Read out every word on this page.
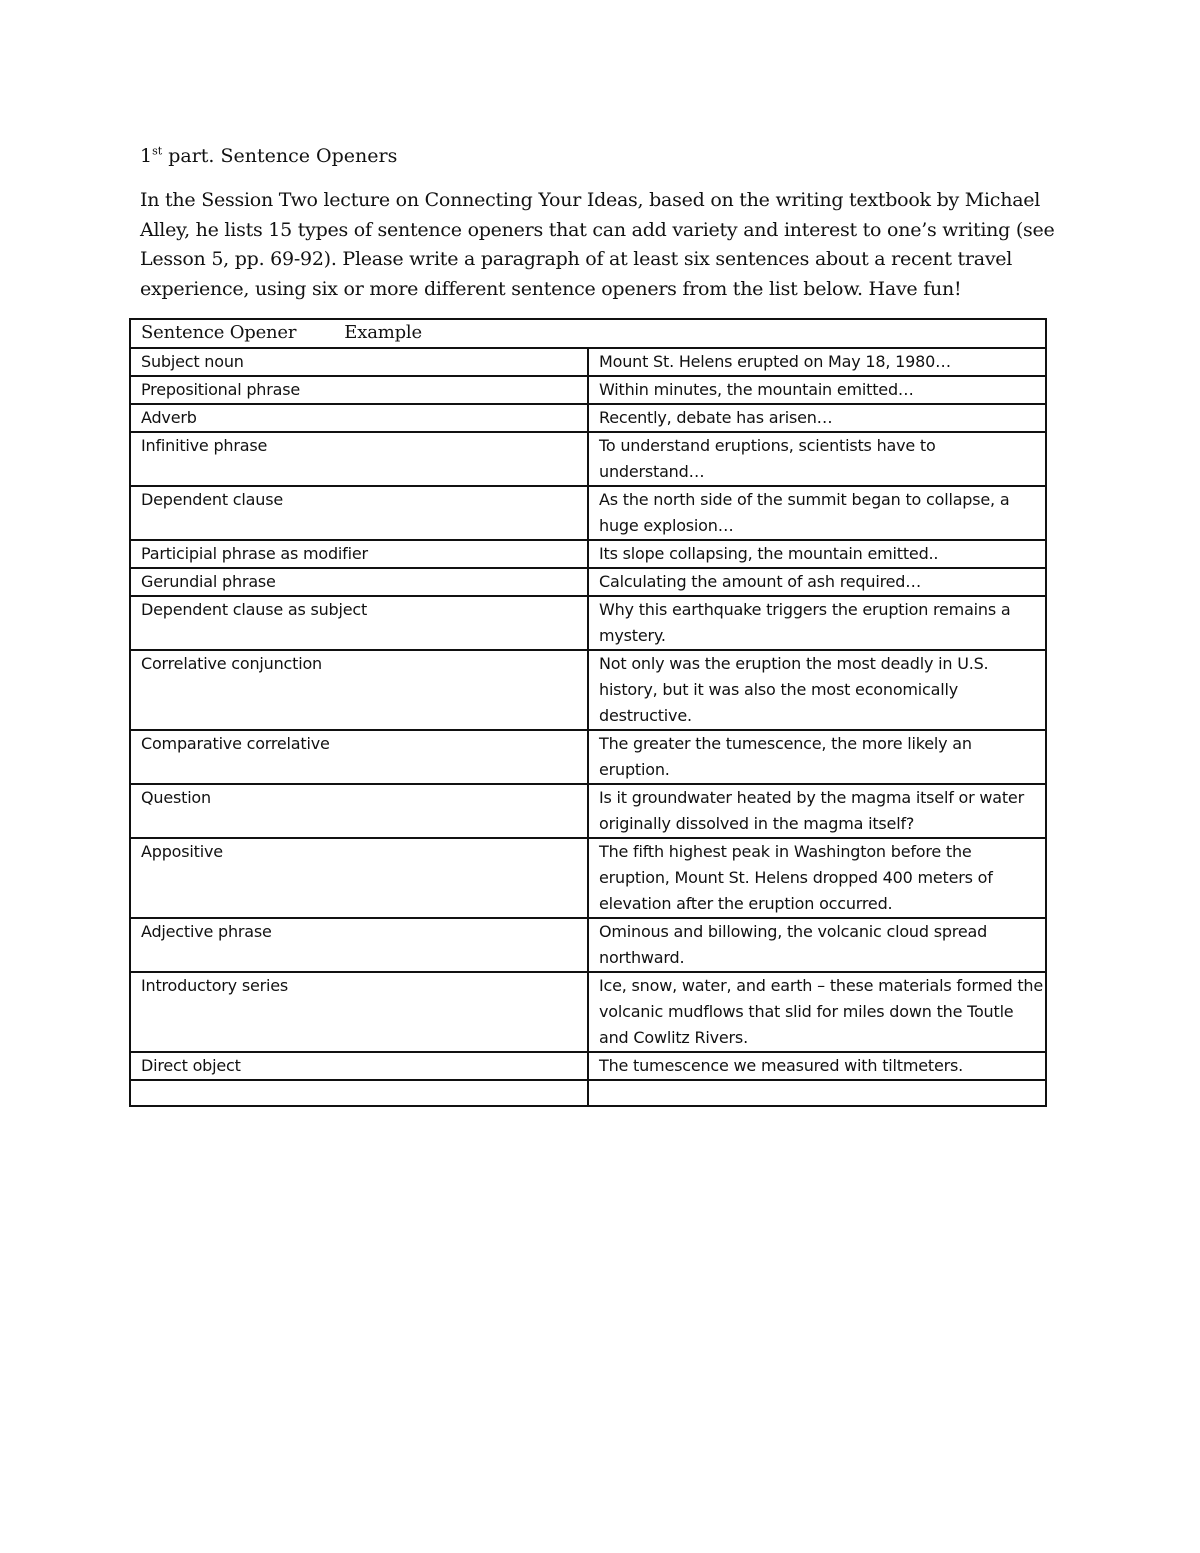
1st part. Sentence Openers

In the Session Two lecture on Connecting Your Ideas, based on the writing textbook by Michael Alley, he lists 15 types of sentence openers that can add variety and interest to one’s writing (see Lesson 5, pp. 69-92). Please write a paragraph of at least six sentences about a recent travel experience, using six or more different sentence openers from the list below. Have fun!

Sentence Opener Example	
Subject noun	Mount St. Helens erupted on May 18, 1980…
Prepositional phrase	Within minutes, the mountain emitted…
Adverb	Recently, debate has arisen…
Infinitive phrase	To understand eruptions, scientists have to understand…
Dependent clause	As the north side of the summit began to collapse, a huge explosion…
Participial phrase as modifier	Its slope collapsing, the mountain emitted..
Gerundial phrase	Calculating the amount of ash required…
Dependent clause as subject	Why this earthquake triggers the eruption remains a mystery.
Correlative conjunction	Not only was the eruption the most deadly in U.S. history, but it was also the most economically destructive.
Comparative correlative	The greater the tumescence, the more likely an eruption.
Question	Is it groundwater heated by the magma itself or water originally dissolved in the magma itself?
Appositive	The fifth highest peak in Washington before the eruption, Mount St. Helens dropped 400 meters of elevation after the eruption occurred.
Adjective phrase	Ominous and billowing, the volcanic cloud spread northward.
Introductory series	Ice, snow, water, and earth – these materials formed the volcanic mudflows that slid for miles down the Toutle and Cowlitz Rivers.
Direct object	The tumescence we measured with tiltmeters.
